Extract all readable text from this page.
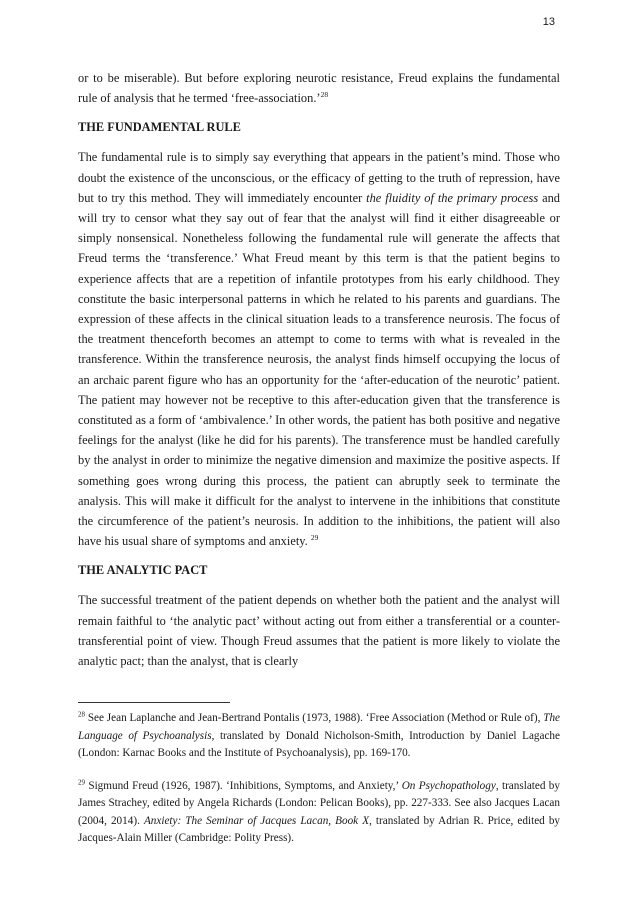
13

or to be miserable). But before exploring neurotic resistance, Freud explains the fundamental rule of analysis that he termed ‘free-association.’$^{28}$

THE FUNDAMENTAL RULE

The fundamental rule is to simply say everything that appears in the patient’s mind. Those who doubt the existence of the unconscious, or the efficacy of getting to the truth of repression, have but to try this method. They will immediately encounter the fluidity of the primary process and will try to censor what they say out of fear that the analyst will find it either disagreeable or simply nonsensical. Nonetheless following the fundamental rule will generate the affects that Freud terms the ‘transference.’ What Freud meant by this term is that the patient begins to experience affects that are a repetition of infantile prototypes from his early childhood. They constitute the basic interpersonal patterns in which he related to his parents and guardians. The expression of these affects in the clinical situation leads to a transference neurosis. The focus of the treatment thenceforth becomes an attempt to come to terms with what is revealed in the transference. Within the transference neurosis, the analyst finds himself occupying the locus of an archaic parent figure who has an opportunity for the ‘after-education of the neurotic’ patient. The patient may however not be receptive to this after-education given that the transference is constituted as a form of ‘ambivalence.’ In other words, the patient has both positive and negative feelings for the analyst (like he did for his parents). The transference must be handled carefully by the analyst in order to minimize the negative dimension and maximize the positive aspects. If something goes wrong during this process, the patient can abruptly seek to terminate the analysis. This will make it difficult for the analyst to intervene in the inhibitions that constitute the circumference of the patient’s neurosis. In addition to the inhibitions, the patient will also have his usual share of symptoms and anxiety. $^{29}$

THE ANALYTIC PACT

The successful treatment of the patient depends on whether both the patient and the analyst will remain faithful to ‘the analytic pact’ without acting out from either a transferential or a counter-transferential point of view. Though Freud assumes that the patient is more likely to violate the analytic pact; than the analyst, that is clearly

$^{28}$ See Jean Laplanche and Jean-Bertrand Pontalis (1973, 1988). ‘Free Association (Method or Rule of), The Language of Psychoanalysis, translated by Donald Nicholson-Smith, Introduction by Daniel Lagache (London: Karnac Books and the Institute of Psychoanalysis), pp. 169-170.

$^{29}$ Sigmund Freud (1926, 1987). ‘Inhibitions, Symptoms, and Anxiety,’ On Psychopathology, translated by James Strachey, edited by Angela Richards (London: Pelican Books), pp. 227-333. See also Jacques Lacan (2004, 2014). Anxiety: The Seminar of Jacques Lacan, Book X, translated by Adrian R. Price, edited by Jacques-Alain Miller (Cambridge: Polity Press).
